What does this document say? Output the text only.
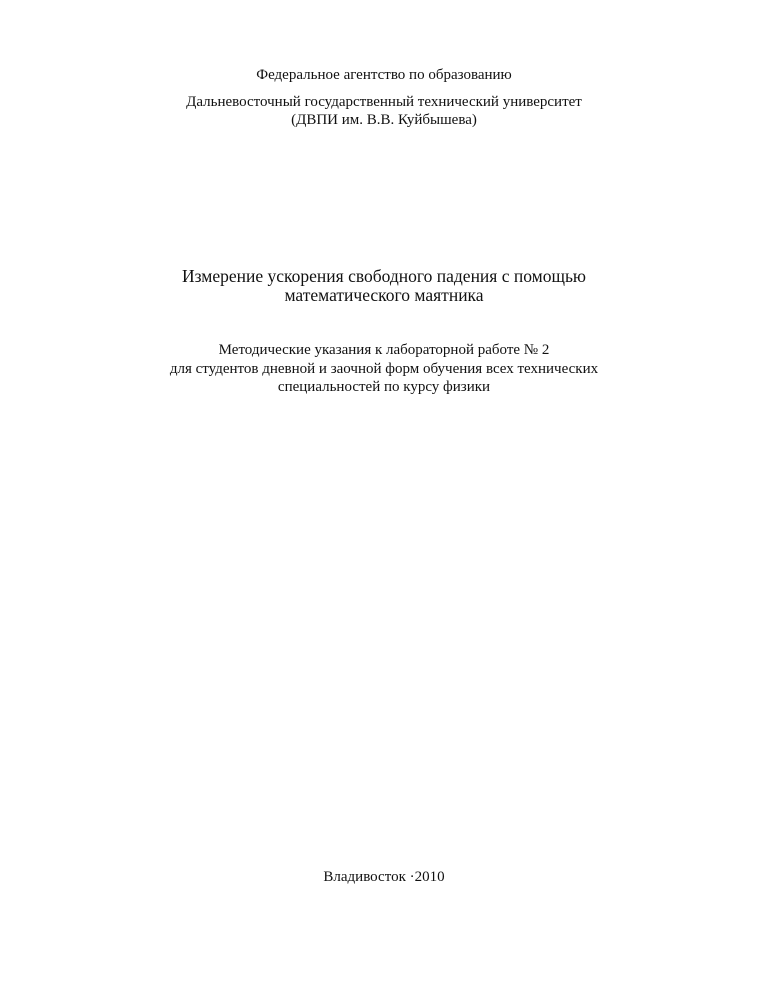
Федеральное агентство по образованию
Дальневосточный государственный технический университет
(ДВПИ им. В.В. Куйбышева)
Измерение ускорения свободного падения с помощью
математического маятника
Методические указания к лабораторной работе № 2
для студентов дневной и заочной форм обучения всех технических
специальностей по курсу физики
Владивосток ·2010
